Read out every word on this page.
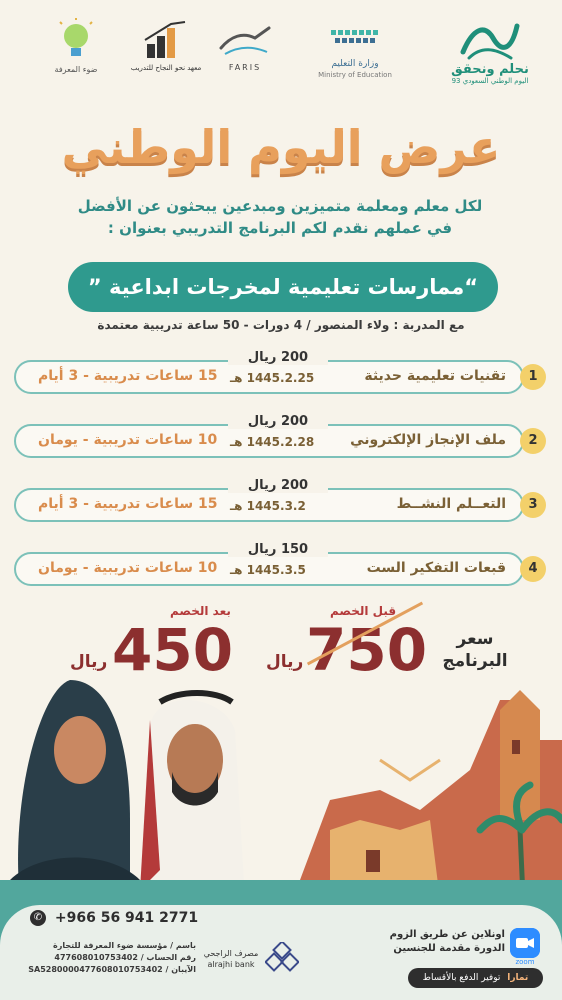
نحلم ونحقق
اليوم الوطني السعودي 93
وزارة التعليم
Ministry of Education
FARIS
معهد نحو النجاح للتدريب
ضوء المعرفة
عرض اليوم الوطني
لكل معلم ومعلمة متميزين ومبدعين يبحثون عن الأفضل
في عملهم نقدم لكم البرنامج التدريبي بعنوان :
“ممارسات تعليمية لمخرجات ابداعية ”
مع المدربة : ولاء المنصور / 4 دورات - 50 ساعة تدريبية معتمدة
200 ريال
1
تقنيات تعليمية حديثة
1445.2.25 هـ
15 ساعات تدريبية - 3 أيام
200 ريال
2
ملف الإنجاز الإلكتروني
1445.2.28 هـ
10 ساعات تدريبية - يومان
200 ريال
3
التعــلم النشــط
1445.3.2 هـ
15 ساعات تدريبية - 3 أيام
150 ريال
4
قبعات التفكير الست
1445.3.5 هـ
10 ساعات تدريبية - يومان
سعر
البرنامج
قبل الخصم
750
ريال
بعد الخصم
450
ريال
✆ +966 56 941 2771
باسم / مؤسسة ضوء المعرفة للتجارة
رقم الحساب / 477608010753402
الآيبان / SA5280000477608010753402
مصرف الراجحي
alrajhi bank
اونلاين عن طريق الزوم
الدورة مقدمة للجنسين
zoom
تمارا توفير الدفع بالأقساط
